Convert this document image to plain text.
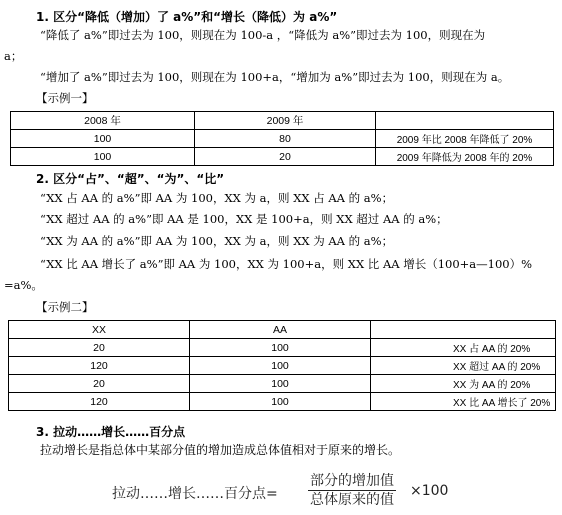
1. 区分“降低（增加）了 a%”和“增长（降低）为 a%”
“降低了 a%”即过去为 100，则现在为 100-a ，“降低为 a%”即过去为 100，则现在为
a；
“增加了 a%”即过去为 100，则现在为 100+a，“增加为 a%”即过去为 100，则现在为 a。
【示例一】
2008 年	2009 年	
100	80	2009 年比 2008 年降低了 20%
100	20	2009 年降低为 2008 年的 20%
2. 区分“占”、“超”、“为”、“比”
“XX 占 AA 的 a%”即 AA 为 100，XX 为 a，则 XX 占 AA 的 a%；
“XX 超过 AA 的 a%”即 AA 是 100，XX 是 100+a，则 XX 超过 AA 的 a%；
“XX 为 AA 的 a%”即 AA 为 100，XX 为 a，则 XX 为 AA 的 a%；
“XX 比 AA 增长了 a%”即 AA 为 100，XX 为 100+a，则 XX 比 AA 增长（100+a—100）%
=a%。
【示例二】
XX	AA	
20	100	XX 占 AA 的 20%
120	100	XX 超过 AA 的 20%
20	100	XX 为 AA 的 20%
120	100	XX 比 AA 增长了 20%
3. 拉动……增长……百分点
拉动增长是指总体中某部分值的增加造成总体值相对于原来的增长。
拉动……增长……百分点=
部分的增加值
总体原来的值
×100
